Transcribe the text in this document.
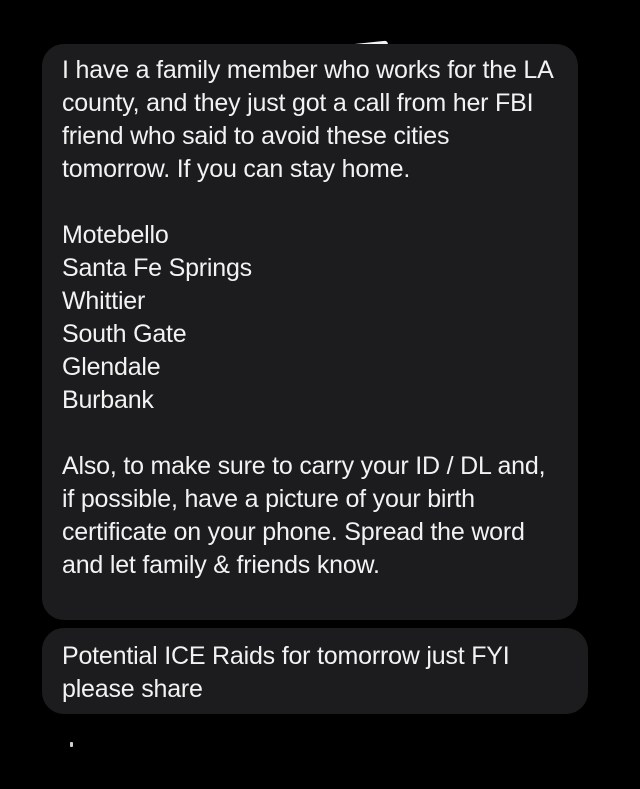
I have a family member who works for the LA county, and they just got a call from her FBI friend who said to avoid these cities tomorrow. If you can stay home.

Motebello
Santa Fe Springs
Whittier
South Gate
Glendale
Burbank

Also, to make sure to carry your ID / DL and, if possible, have a picture of your birth certificate on your phone. Spread the word and let family & friends know.

Potential ICE Raids for tomorrow just FYI please share
